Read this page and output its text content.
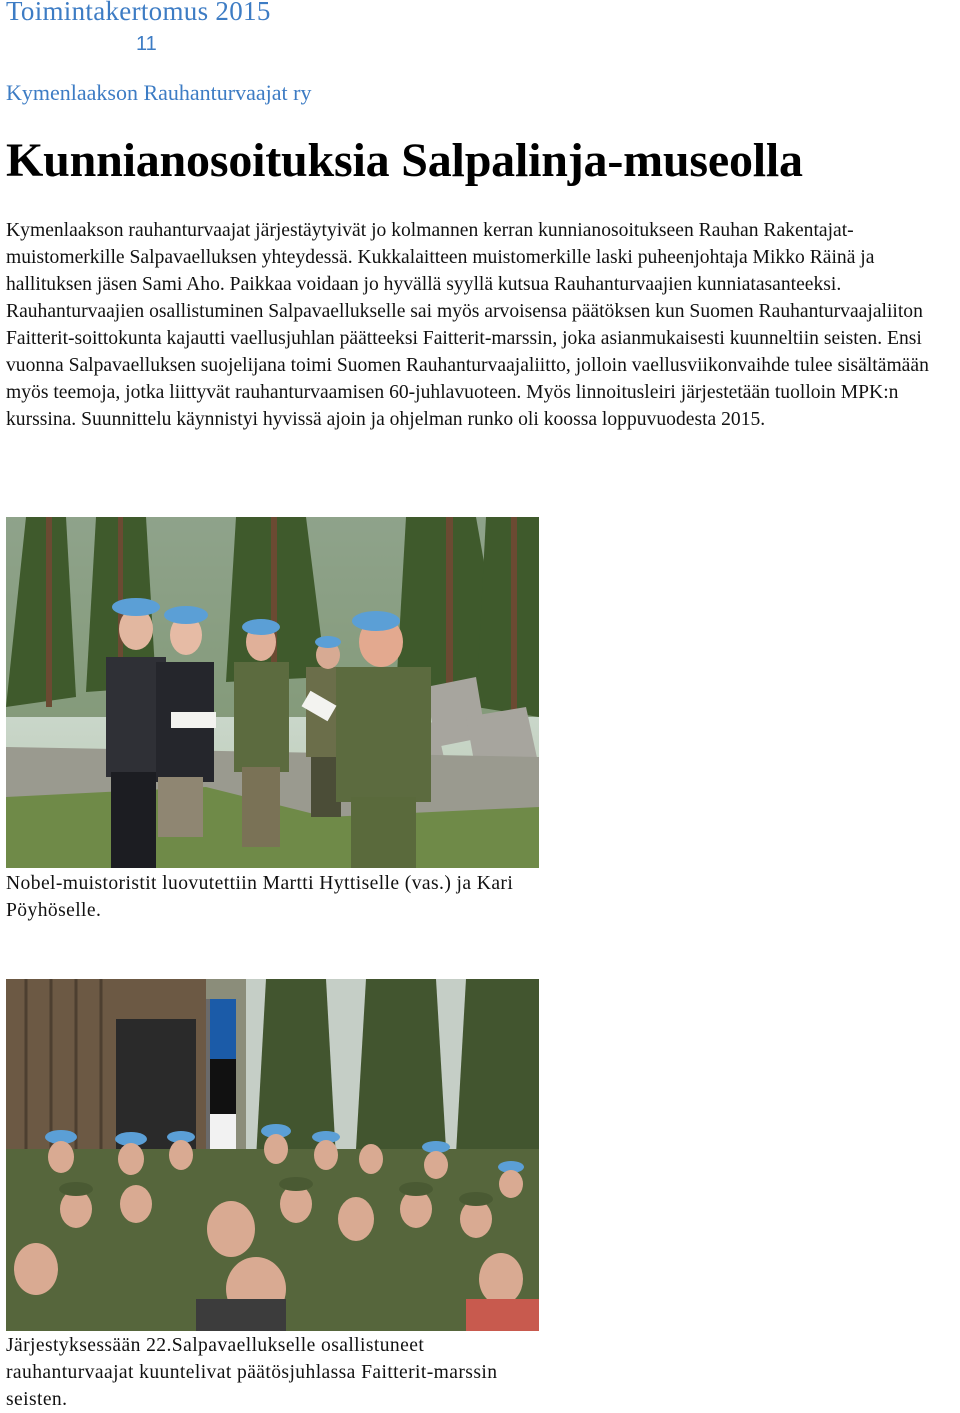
Toimintakertomus 2015
11
Kymenlaakson Rauhanturvaajat ry
Kunnianosoituksia Salpalinja-museolla

Kymenlaakson rauhanturvaajat järjestäytyivät jo kolmannen kerran kunnianosoitukseen Rauhan Rakentajat-muistomerkille Salpavaelluksen yhteydessä. Kukkalaitteen muistomerkille laski puheenjohtaja Mikko Räinä ja hallituksen jäsen Sami Aho. Paikkaa voidaan jo hyvällä syyllä kutsua Rauhanturvaajien kunniatasanteeksi. Rauhanturvaajien osallistuminen Salpavaellukselle sai myös arvoisensa päätöksen kun Suomen Rauhanturvaajaliiton Faitterit-soittokunta kajautti vaellusjuhlan päätteeksi Faitterit-marssin, joka asianmukaisesti kuunneltiin seisten. Ensi vuonna Salpavaelluksen suojelijana toimi Suomen Rauhanturvaajaliitto, jolloin vaellusviikonvaihde tulee sisältämään myös teemoja, jotka liittyvät rauhanturvaamisen 60-juhlavuoteen. Myös linnoitusleiri järjestetään tuolloin MPK:n kurssina. Suunnittelu käynnistyi hyvissä ajoin ja ohjelman runko oli koossa loppuvuodesta 2015.

Nobel-muistoristit luovutettiin Martti Hyttiselle (vas.) ja Kari Pöyhöselle.

Järjestyksessään 22.Salpavaellukselle osallistuneet rauhanturvaajat kuuntelivat päätösjuhlassa Faitterit-marssin seisten.
